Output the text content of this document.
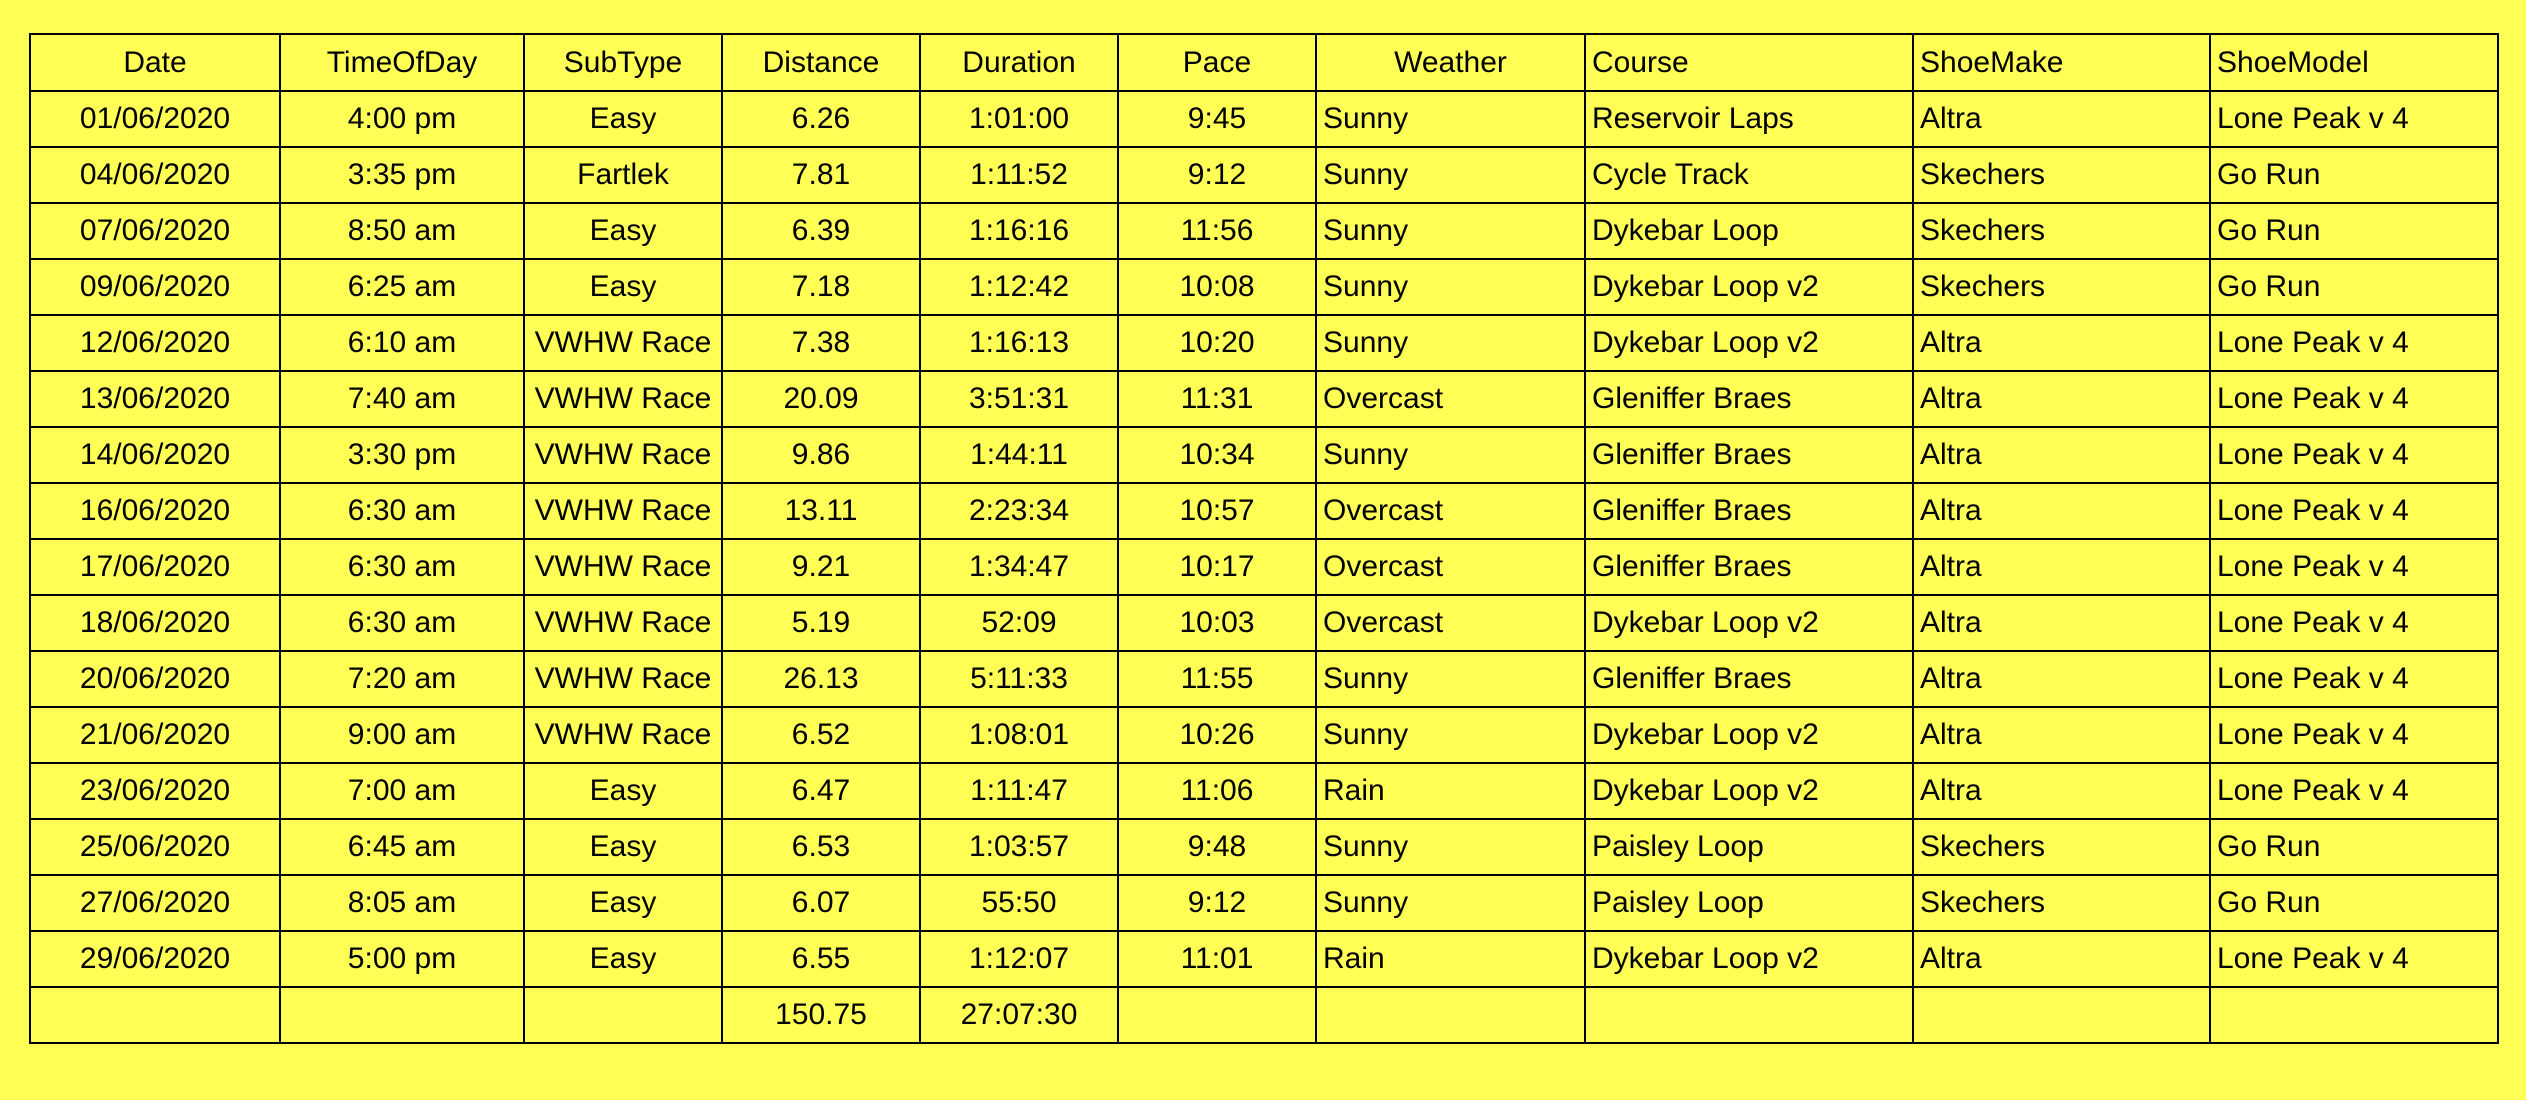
Date	TimeOfDay	SubType	Distance	Duration	Pace	Weather	Course	ShoeMake	ShoeModel
01/06/2020	4:00 pm	Easy	6.26	1:01:00	9:45	Sunny	Reservoir Laps	Altra	Lone Peak v 4
04/06/2020	3:35 pm	Fartlek	7.81	1:11:52	9:12	Sunny	Cycle Track	Skechers	Go Run
07/06/2020	8:50 am	Easy	6.39	1:16:16	11:56	Sunny	Dykebar Loop	Skechers	Go Run
09/06/2020	6:25 am	Easy	7.18	1:12:42	10:08	Sunny	Dykebar Loop v2	Skechers	Go Run
12/06/2020	6:10 am	VWHW Race	7.38	1:16:13	10:20	Sunny	Dykebar Loop v2	Altra	Lone Peak v 4
13/06/2020	7:40 am	VWHW Race	20.09	3:51:31	11:31	Overcast	Gleniffer Braes	Altra	Lone Peak v 4
14/06/2020	3:30 pm	VWHW Race	9.86	1:44:11	10:34	Sunny	Gleniffer Braes	Altra	Lone Peak v 4
16/06/2020	6:30 am	VWHW Race	13.11	2:23:34	10:57	Overcast	Gleniffer Braes	Altra	Lone Peak v 4
17/06/2020	6:30 am	VWHW Race	9.21	1:34:47	10:17	Overcast	Gleniffer Braes	Altra	Lone Peak v 4
18/06/2020	6:30 am	VWHW Race	5.19	52:09	10:03	Overcast	Dykebar Loop v2	Altra	Lone Peak v 4
20/06/2020	7:20 am	VWHW Race	26.13	5:11:33	11:55	Sunny	Gleniffer Braes	Altra	Lone Peak v 4
21/06/2020	9:00 am	VWHW Race	6.52	1:08:01	10:26	Sunny	Dykebar Loop v2	Altra	Lone Peak v 4
23/06/2020	7:00 am	Easy	6.47	1:11:47	11:06	Rain	Dykebar Loop v2	Altra	Lone Peak v 4
25/06/2020	6:45 am	Easy	6.53	1:03:57	9:48	Sunny	Paisley Loop	Skechers	Go Run
27/06/2020	8:05 am	Easy	6.07	55:50	9:12	Sunny	Paisley Loop	Skechers	Go Run
29/06/2020	5:00 pm	Easy	6.55	1:12:07	11:01	Rain	Dykebar Loop v2	Altra	Lone Peak v 4
			150.75	27:07:30					
